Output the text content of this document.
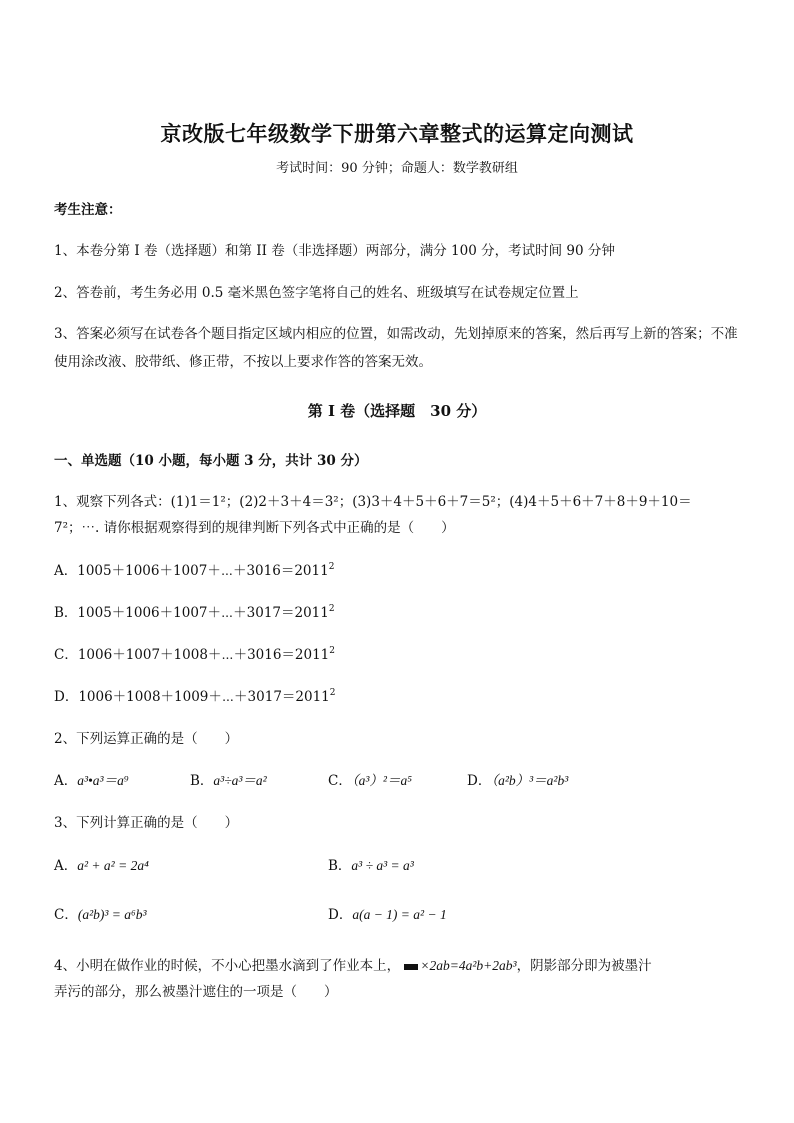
京改版七年级数学下册第六章整式的运算定向测试
考试时间：90 分钟；命题人：数学教研组
考生注意：
1、本卷分第 I 卷（选择题）和第 II 卷（非选择题）两部分，满分 100 分，考试时间 90 分钟
2、答卷前，考生务必用 0.5 毫米黑色签字笔将自己的姓名、班级填写在试卷规定位置上
3、答案必须写在试卷各个题目指定区域内相应的位置，如需改动，先划掉原来的答案，然后再写上新的答案；不准使用涂改液、胶带纸、修正带，不按以上要求作答的答案无效。
第 I 卷（选择题　30 分）
一、单选题（10 小题，每小题 3 分，共计 30 分）
1、观察下列各式：(1)1＝1²；(2)2＋3＋4＝3²；(3)3＋4＋5＋6＋7＝5²；(4)4＋5＋6＋7＋8＋9＋10＝
7²；⋯. 请你根据观察得到的规律判断下列各式中正确的是（　　）
A．$1005+1006+1007+\cdots+3016=2011^2$
B．$1005+1006+1007+\cdots+3017=2011^2$
C．$1006+1007+1008+\cdots+3016=2011^2$
D．$1006+1008+1009+\cdots+3017=2011^2$
2、下列运算正确的是（　　）
A．a³•a³＝a⁹	B．a³÷a³＝a²	C．（a³）²＝a⁵	D．（a²b）³＝a²b³
3、下列计算正确的是（　　）
A．a² + a² = 2a⁴	B．a³ ÷ a³ = a³
C．(a²b)³ = a⁶b³	D．a(a − 1) = a² − 1
4、小明在做作业的时候，不小心把墨水滴到了作业本上， ×2ab=4a²b+2ab³，阴影部分即为被墨汁
弄污的部分，那么被墨汁遮住的一项是（　　）
